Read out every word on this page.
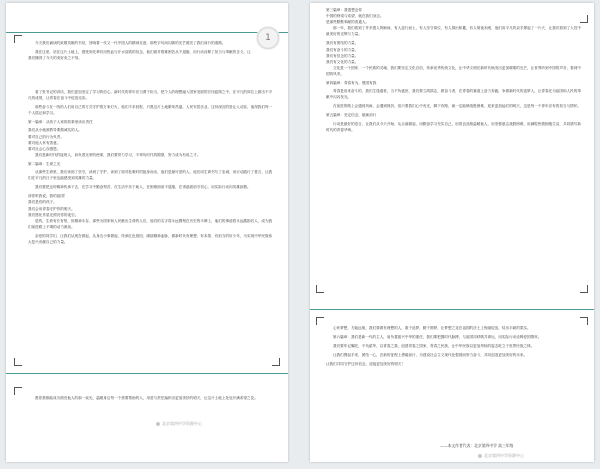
1

今天我们诵读的致敬英雄的书信，回响着一代又一代中国人的精神足迹，那些字句间闪烁的光芒照亮了我们前行的道路。

我在这里，站在这片土地上，感受到先辈们用热血与汗水浇筑的信念，他们面对艰难困苦从不退缩，用行动诠释了担当与奉献的含义，让我们懂得了今天的美好来之不易。

看了张书记的讲话，我们更加坚定了学习的信心，新时代的青年应当勇于担当，把个人的理想融入国家发展的宏伟蓝图之中，在平凡的岗位上做出不平凡的成绩，让青春在奋斗中绽放光彩。

那些奋斗在一线的人们用自己的方式守护着万家灯火，他们不求回报，只愿这片土地繁荣昌盛，人民安居乐业，这份深沉的爱让人动容，值得我们每一个人铭记和学习。

第一篇章：从孩子人家的故事里读出责任

我们从小就被教导要做诚实的人。

要对自己的行为负责。

要对他人怀有善意。

要对社会心存感恩。

我们是新时代的接班人，肩负着光荣的使命，我们要努力学习，不辜负时代的期望，努力成为有用之才。

第二篇章：生命之光

从那些生命里，我们读到了坚守，读到了守护，读到了面对危难时的挺身而出，他们是最可爱的人，他们用生命书写了忠诚，用行动践行了誓言，让我们在平凡的日子里也能感受到英雄的力量。

我们要把这份精神传承下去，在学习中勤奋刻苦，在生活中乐于助人，在困难面前不退缩，在诱惑面前守初心，用实际行动向英雄致敬。

请你听我说，我的祖国！

我们是你的孩子。

我们会用青春守护你的明天。

我们愿化作星光照亮你的夜空。

是的，生命有长有短，但精神永存，那些为国家和人民献出生命的人们，他们的名字将永远镌刻在历史的丰碑上，他们的事迹将永远激励后人，成为我们前进路上不竭的动力源泉。

亲爱的同学们，让我们从现在做起，从身边小事做起，传承红色基因，赓续精神血脉，做新时代有理想、有本领、有担当的好少年，为实现中华民族伟大复兴贡献自己的力量。

愿你我都能成为照亮他人的那一束光，温暖身边每一个需要帮助的人，用爱与责任编织出更加美好的明天，让这片土地上处处开满希望之花。

北京第四中学资源中心

第三篇章：我很想念你

中国的脊梁与希望，就在我们身边。

是那些默默奉献的普通人。

那一年，我们看到了许多感人的瞬间，有人逆行而上，有人坚守岗位，有人捐出积蓄，有人彻夜未眠，他们用平凡的双手撑起了一片天，让我们看到了人性中最美好的光辉与力量。

我们有团结的力量。

我们有奋斗的力量。

我们有信念的力量。

我们有文化的力量。

文化是一个国家、一个民族的灵魂，我们要坚定文化自信，传承优秀传统文化，让中华文明在新时代焕发出更加璀璨的光芒，让世界听到中国的声音，看到中国的风采。

第四篇章：青春有为，强国有我

青春是用来奋斗的，我们生逢盛世，当不负盛世，我们要立鸿鹄志，做奋斗者，在青春的赛道上奋力奔跑，争做新时代的追梦人，让青春在为祖国和人民的奉献中闪闪发光。

在前进的路上会遇到风雨，会遇到挫折，但只要我们心中有光，脚下有路，就一定能够战胜困难，迎来更加灿烂的明天，这是每一个青年应有的担当与情怀。

第五篇章：坚定信念，砥砺前行

行动是最好的语言，让我们从今天开始，从点滴做起，用勤奋学习充实自己，用善良品格温暖他人，用坚强意志战胜困难，用满腔热情拥抱生活，共同谱写新时代的青春华章。

心怀梦想，方能远航，我们要做有理想的人，敢于追梦，勤于圆梦，让梦想之花在祖国的沃土上绚丽绽放，结出丰硕的果实。

第六篇章：我们是新一代的主人，肩负着振兴中华的重任，我们要把握时代脉搏，与祖国同呼吸共命运，用实际行动诠释爱国情怀。

我们要牢记嘱托，不负韶华，以青春之我，创建青春之国家，青春之民族，让中华民族以更加昂扬的姿态屹立于世界民族之林。

让我们携起手来，团结一心，在新的征程上勇毅前行，为建设社会主义现代化强国而努力奋斗，共同创造更加美好的未来。

让我们共同守护这份信念，迎接更加美好的明天！

——本文作者代表：北京第四中学 高三年级
北京第四中学资源中心
